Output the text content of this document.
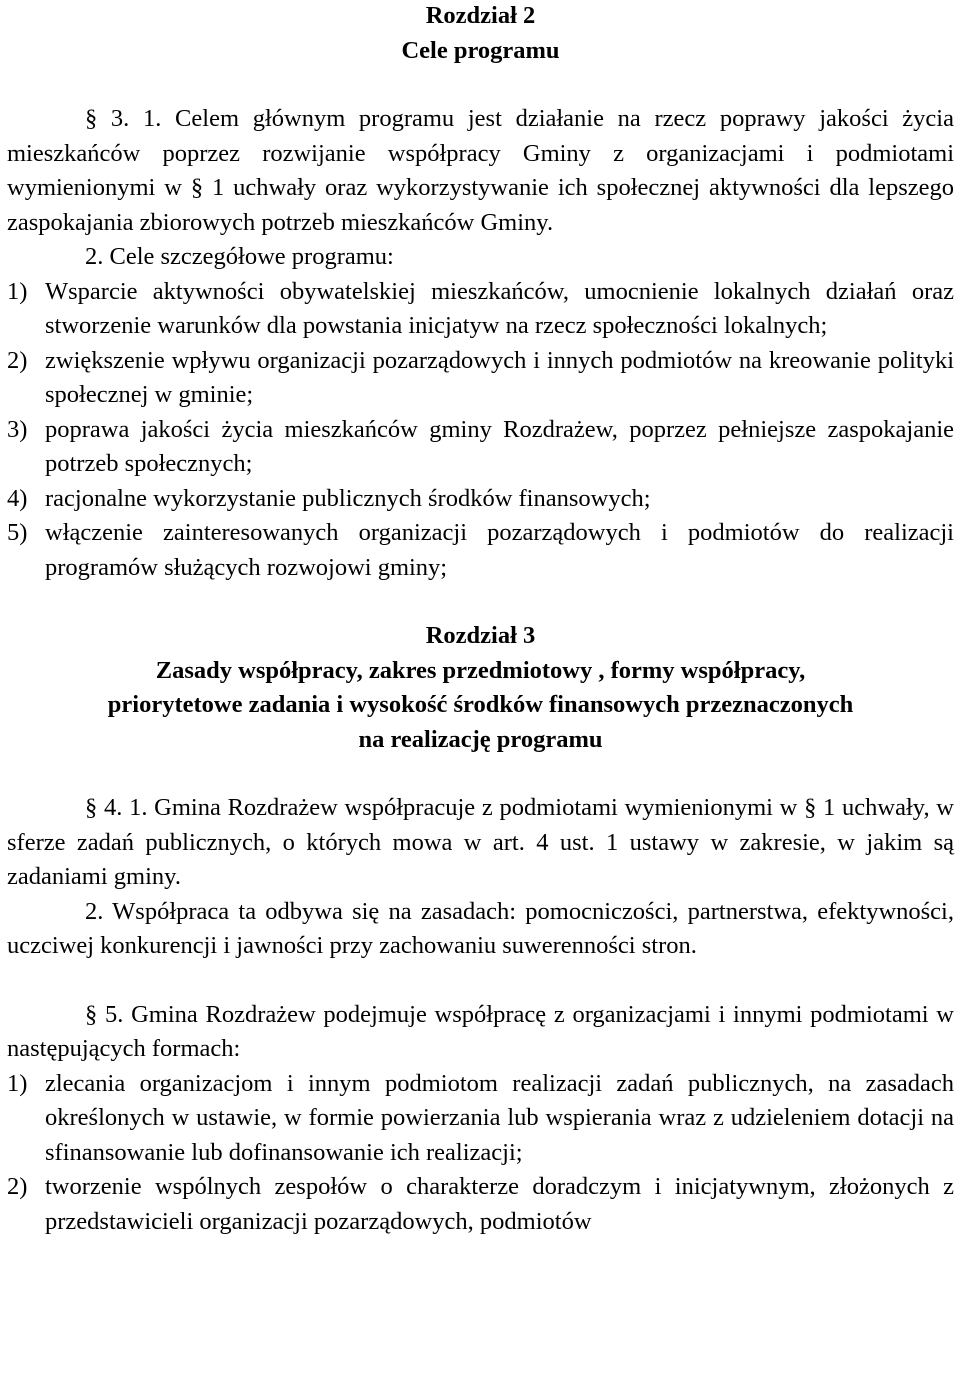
Rozdział 2
Cele programu

§ 3. 1. Celem głównym programu jest działanie na rzecz poprawy jakości życia mieszkańców poprzez rozwijanie współpracy Gminy z organizacjami i podmiotami wymienionymi w § 1 uchwały oraz wykorzystywanie ich społecznej aktywności dla lepszego zaspokajania zbiorowych potrzeb mieszkańców Gminy.

2. Cele szczegółowe programu:

1) Wsparcie aktywności obywatelskiej mieszkańców, umocnienie lokalnych działań oraz stworzenie warunków dla powstania inicjatyw na rzecz społeczności lokalnych;
2) zwiększenie wpływu organizacji pozarządowych i innych podmiotów na kreowanie polityki społecznej w gminie;
3) poprawa jakości życia mieszkańców gminy Rozdrażew, poprzez pełniejsze zaspokajanie potrzeb społecznych;
4) racjonalne wykorzystanie publicznych środków finansowych;
5) włączenie zainteresowanych organizacji pozarządowych i podmiotów do realizacji programów służących rozwojowi gminy;
Rozdział 3
Zasady współpracy, zakres przedmiotowy , formy współpracy,
priorytetowe zadania i wysokość środków finansowych przeznaczonych
na realizację programu

§ 4. 1. Gmina Rozdrażew współpracuje z podmiotami wymienionymi w § 1 uchwały, w sferze zadań publicznych, o których mowa w art. 4 ust. 1 ustawy w zakresie, w jakim są zadaniami gminy.

2. Współpraca ta odbywa się na zasadach: pomocniczości, partnerstwa, efektywności, uczciwej konkurencji i jawności przy zachowaniu suwerenności stron.

§ 5. Gmina Rozdrażew podejmuje współpracę z organizacjami i innymi podmiotami w następujących formach:

1) zlecania organizacjom i innym podmiotom realizacji zadań publicznych, na zasadach określonych w ustawie, w formie powierzania lub wspierania wraz z udzieleniem dotacji na sfinansowanie lub dofinansowanie ich realizacji;
2) tworzenie wspólnych zespołów o charakterze doradczym i inicjatywnym, złożonych z przedstawicieli organizacji pozarządowych, podmiotów
